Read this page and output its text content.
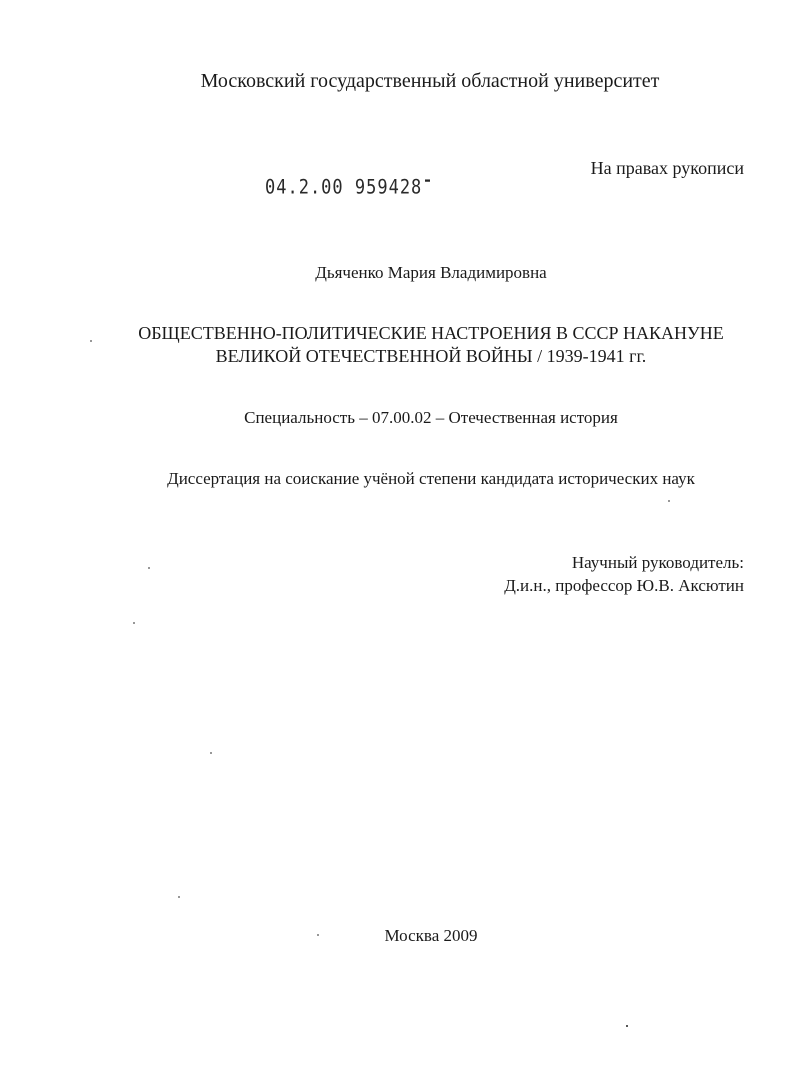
Московский государственный областной университет
На правах рукописи
04.2.00 959428
Дьяченко Мария Владимировна
ОБЩЕСТВЕННО-ПОЛИТИЧЕСКИЕ НАСТРОЕНИЯ В СССР НАКАНУНЕ
ВЕЛИКОЙ ОТЕЧЕСТВЕННОЙ ВОЙНЫ / 1939-1941 гг.
Специальность – 07.00.02 – Отечественная история
Диссертация на соискание учёной степени кандидата исторических наук
Научный руководитель:
Д.и.н., профессор Ю.В. Аксютин
Москва 2009
